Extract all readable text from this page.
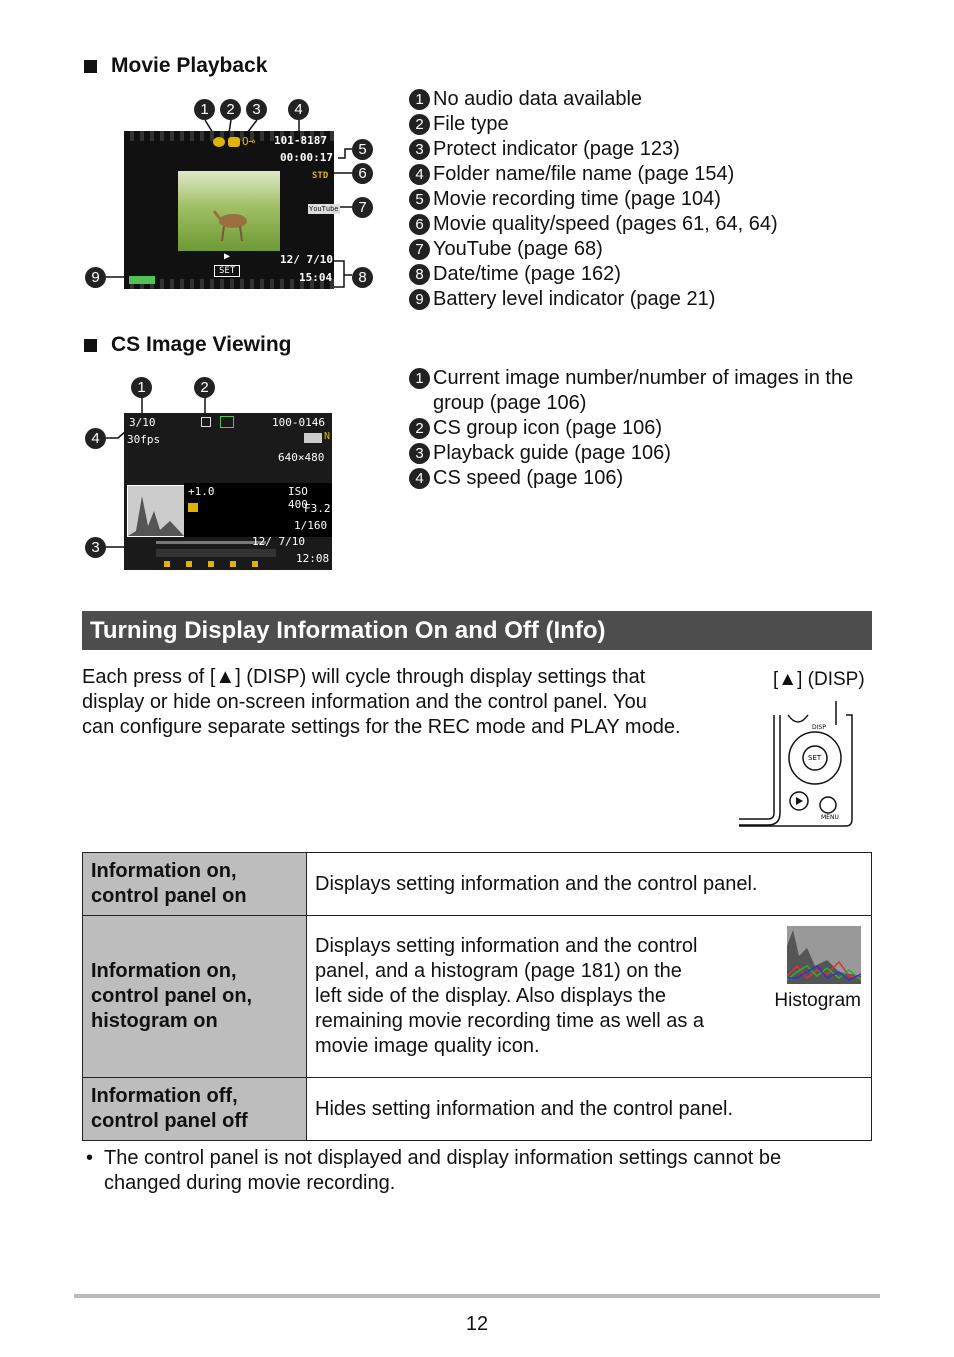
Movie Playback
1	2	3	4
5
6
7
8
9
O⊸ 101-8187
00:00:17
STD
YouTube
▶
SET
12/ 7/10
15:04
1 No audio data available
2 File type
3 Protect indicator (page 123)
4 Folder name/file name (page 154)
5 Movie recording time (page 104)
6 Movie quality/speed (pages 61, 64, 64)
7 YouTube (page 68)
8 Date/time (page 162)
9 Battery level indicator (page 21)
CS Image Viewing
1	2
3
4
3/10
30fps
100-0146
N
640×480
+1.0	ISO 400
F3.2
1/160
12/ 7/10
12:08
1 Current image number/number of images in the group (page 106)
2 CS group icon (page 106)
3 Playback guide (page 106)
4 CS speed (page 106)
Turning Display Information On and Off (Info)
Each press of [▲] (DISP) will cycle through display settings that display or hide on-screen information and the control panel. You can configure separate settings for the REC mode and PLAY mode.
[▲] (DISP)
DISP
SET
MENU
Information on, control panel on	Displays setting information and the control panel.
Information on, control panel on, histogram on	Displays setting information and the control panel, and a histogram (page 181) on the left side of the display. Also displays the remaining movie recording time as well as a movie image quality icon.
Histogram

Information off, control panel off	Hides setting information and the control panel.
• The control panel is not displayed and display information settings cannot be changed during movie recording.
12
